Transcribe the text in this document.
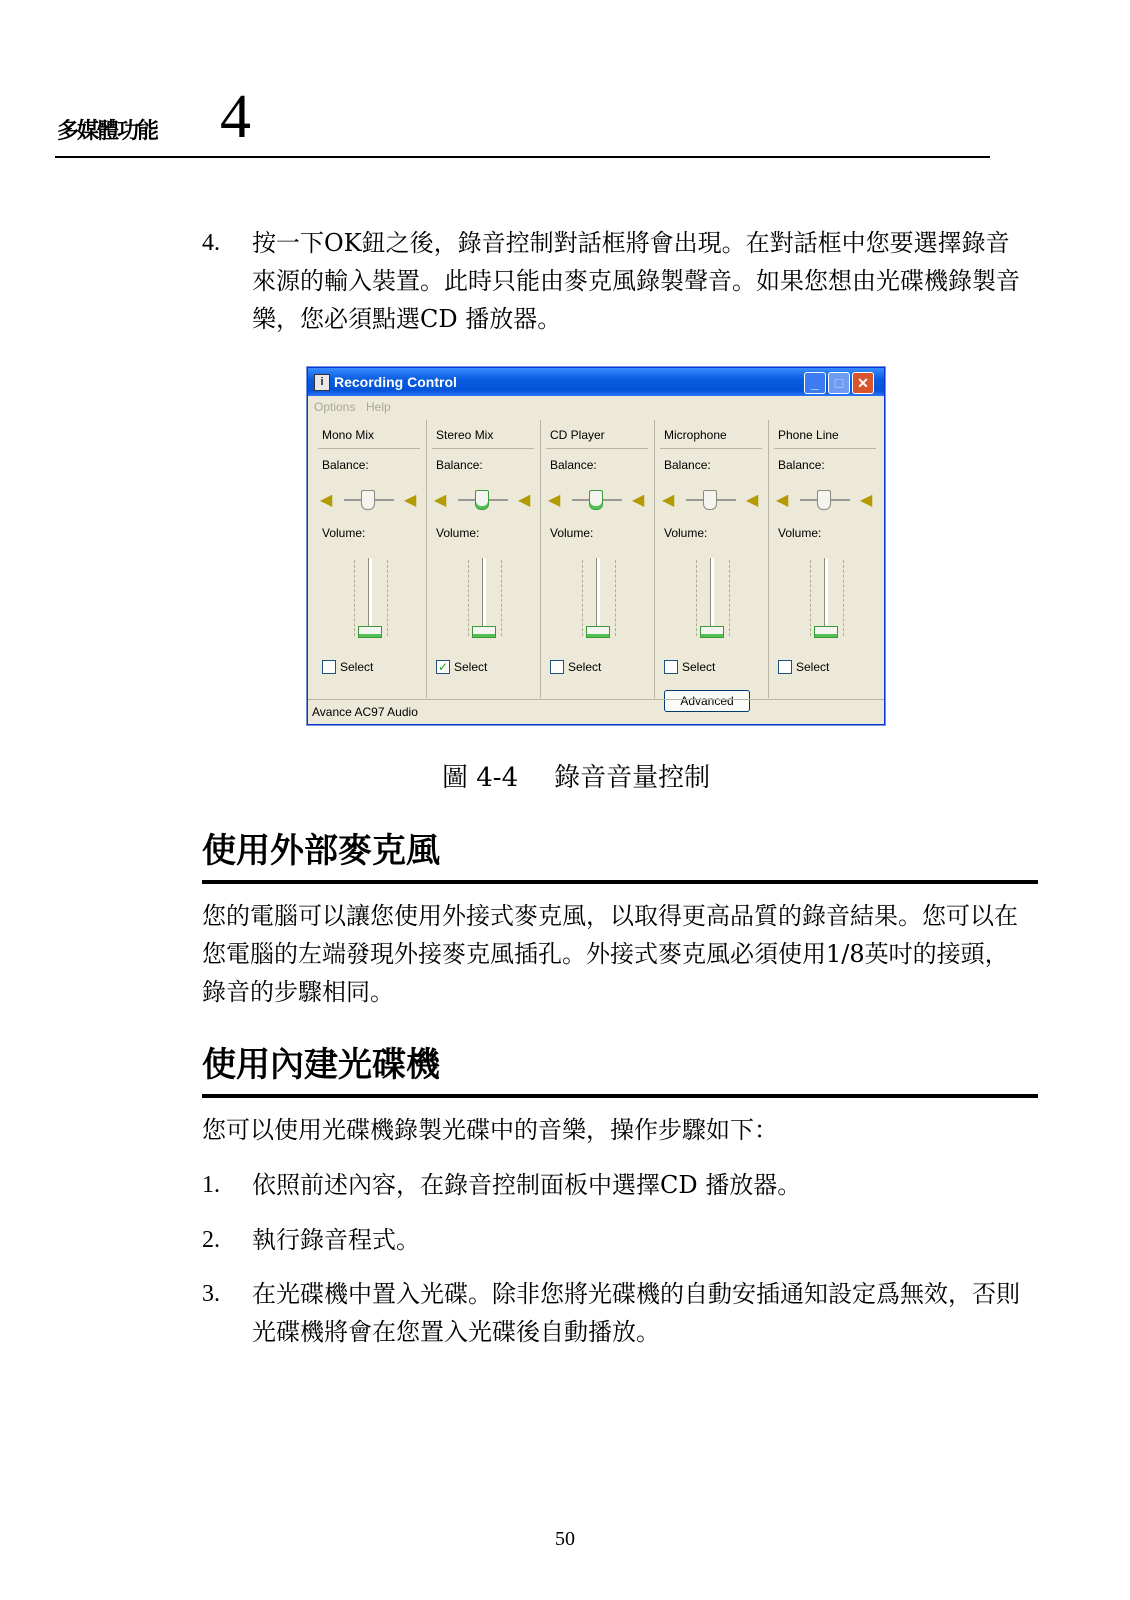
多媒體功能 4
4. 按一下OK鈕之後，錄音控制對話框將會出現。在對話框中您要選擇錄音來源的輸入裝置。此時只能由麥克風錄製聲音。如果您想由光碟機錄製音樂，您必須點選CD 播放器。

i Recording Control	_	□ ✕
Options Help
Mono Mix
Balance:
◀	◀
Volume:
Select
Stereo Mix
Balance:
◀	◀
Volume:
✓ Select
CD Player
Balance:
◀	◀
Volume:
Select
Microphone
Balance:
◀	◀
Volume:
Select
Advanced
Phone Line
Balance:
◀	◀
Volume:
Select
Avance AC97 Audio
圖 4-4 錄音音量控制
使用外部麥克風

您的電腦可以讓您使用外接式麥克風，以取得更高品質的錄音結果。您可以在您電腦的左端發現外接麥克風插孔。外接式麥克風必須使用1/8英吋的接頭，錄音的步驟相同。

使用內建光碟機

您可以使用光碟機錄製光碟中的音樂，操作步驟如下：

1. 依照前述內容，在錄音控制面板中選擇CD 播放器。

2. 執行錄音程式。

3. 在光碟機中置入光碟。除非您將光碟機的自動安插通知設定爲無效，否則光碟機將會在您置入光碟後自動播放。

50
